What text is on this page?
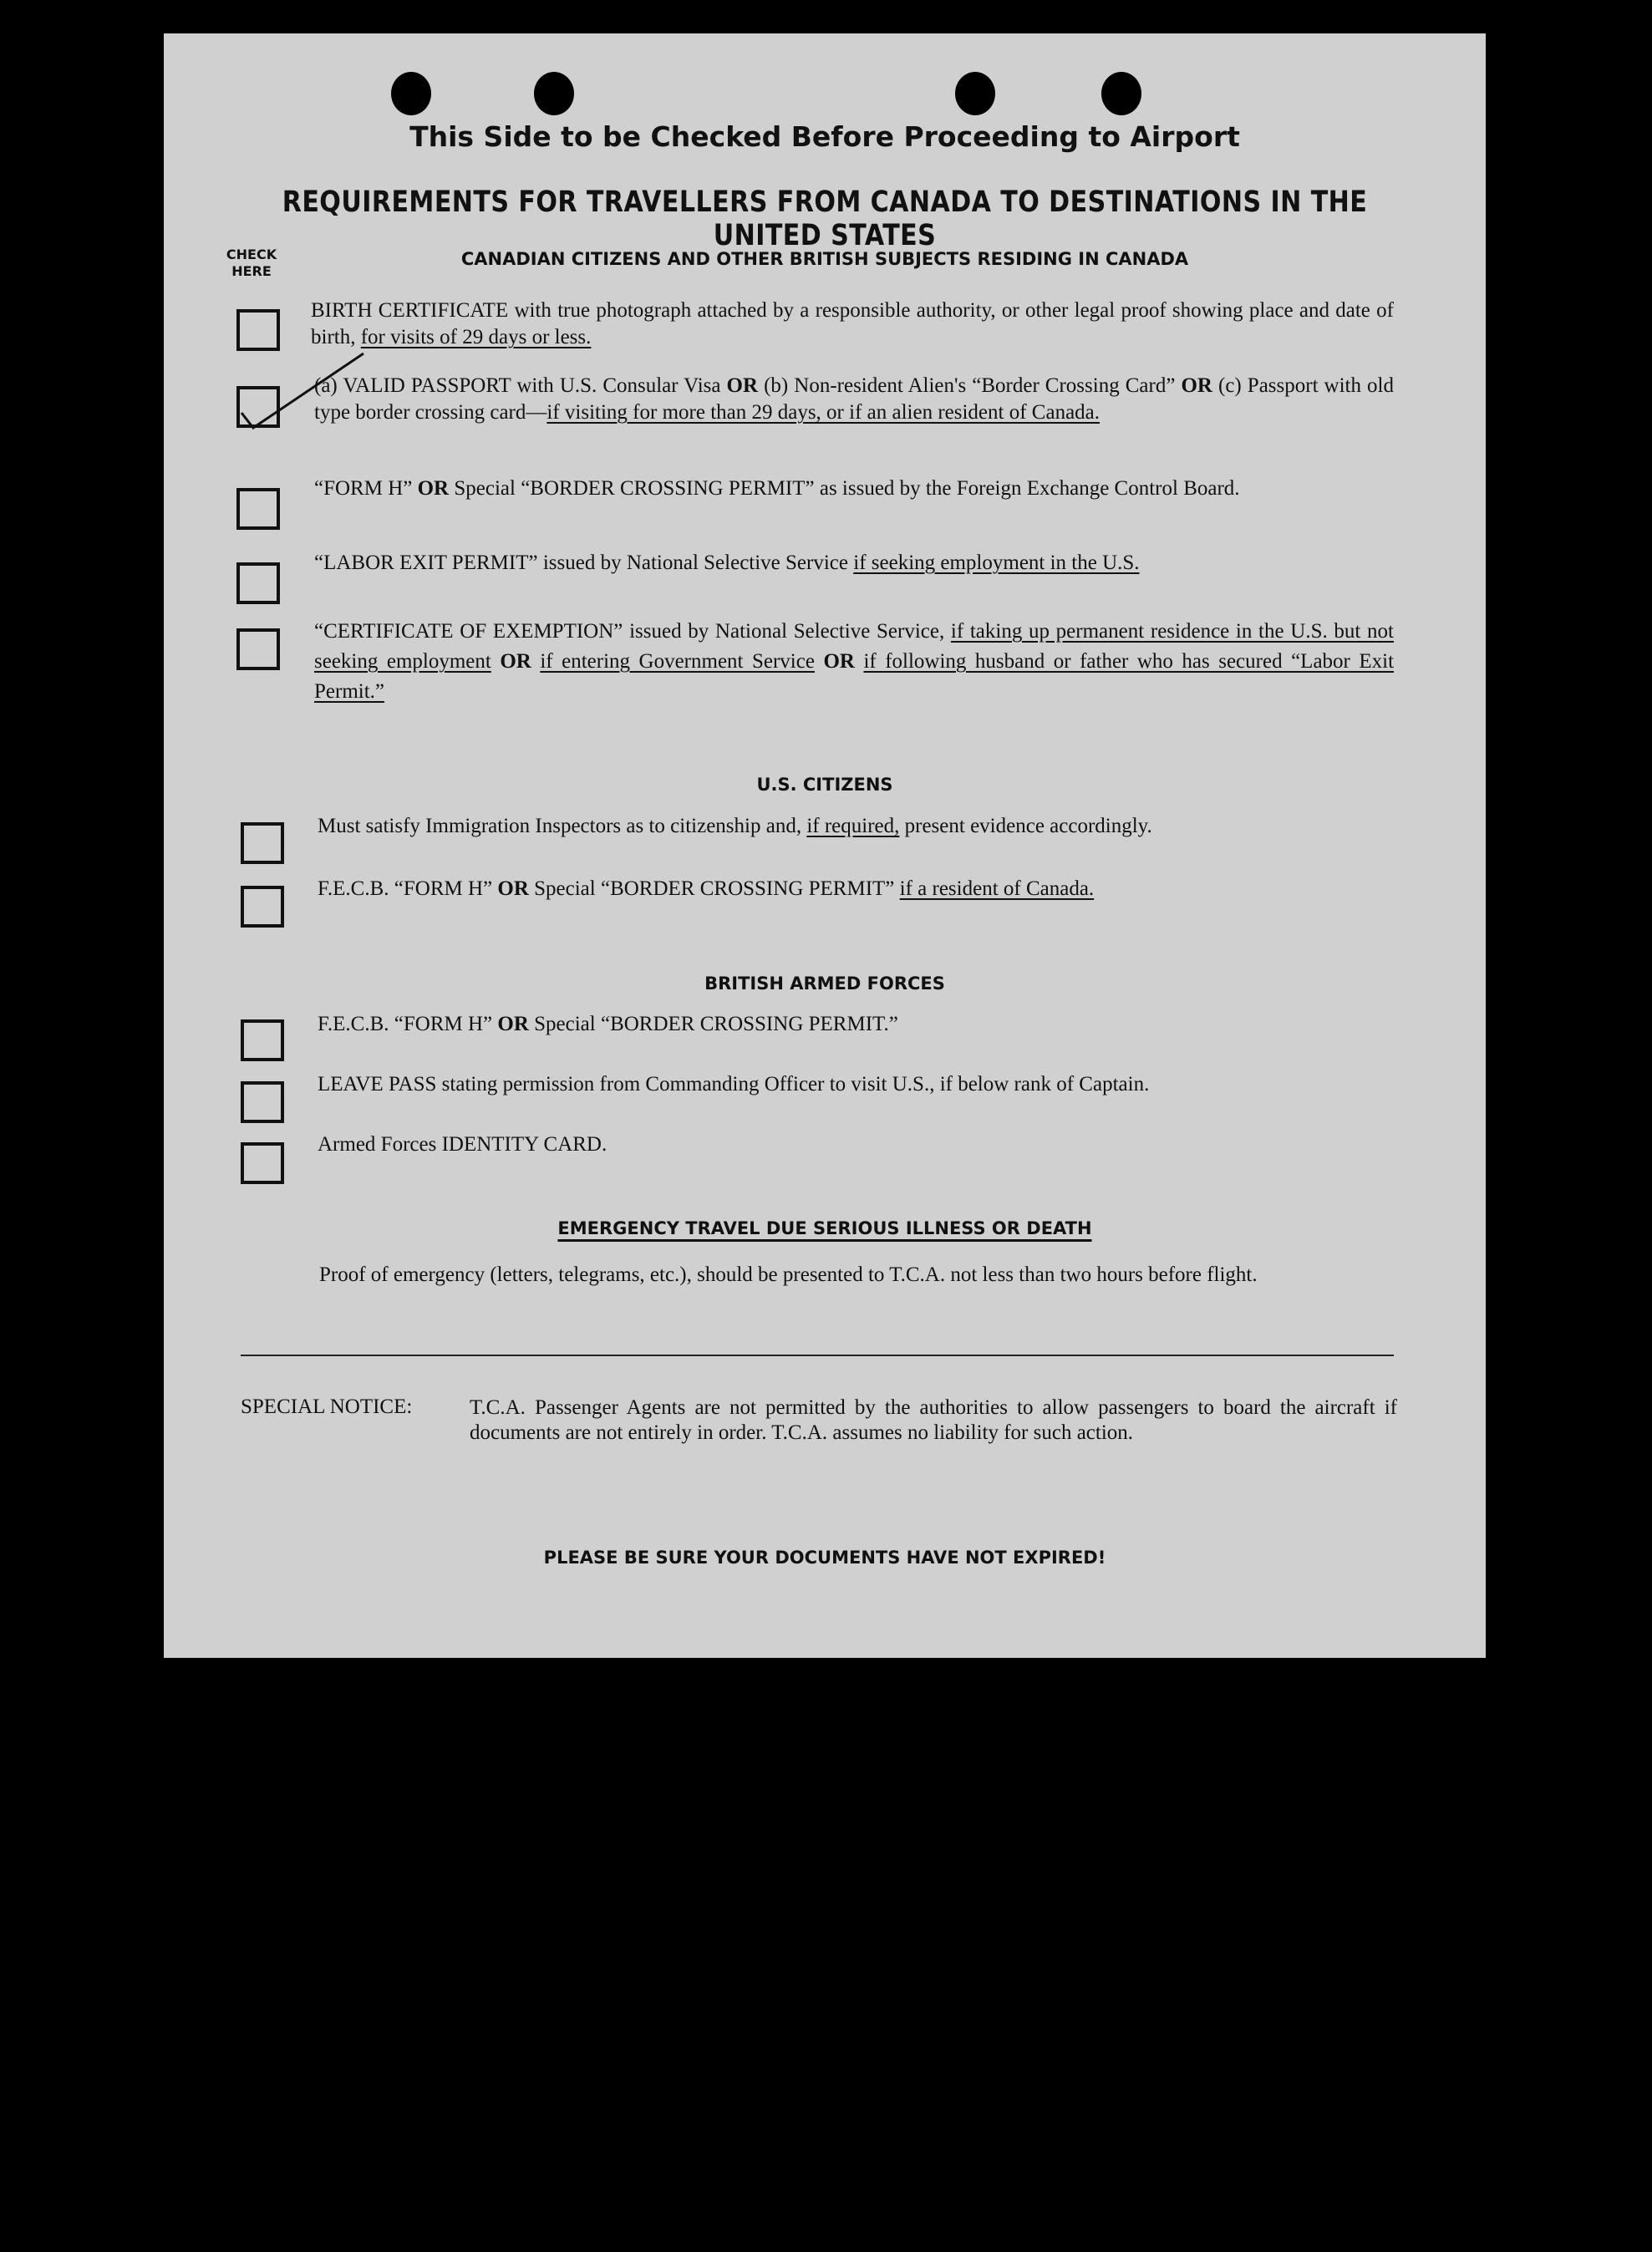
This Side to be Checked Before Proceeding to Airport
REQUIREMENTS FOR TRAVELLERS FROM CANADA TO DESTINATIONS IN THE UNITED STATES
CHECK HERE
CANADIAN CITIZENS AND OTHER BRITISH SUBJECTS RESIDING IN CANADA
BIRTH CERTIFICATE with true photograph attached by a responsible authority, or other legal proof showing place and date of birth, for visits of 29 days or less.
(a) VALID PASSPORT with U.S. Consular Visa OR (b) Non-resident Alien's “Border Crossing Card” OR (c) Passport with old type border crossing card—if visiting for more than 29 days, or if an alien resident of Canada.
“FORM H” OR Special “BORDER CROSSING PERMIT” as issued by the Foreign Exchange Control Board.
“LABOR EXIT PERMIT” issued by National Selective Service if seeking employment in the U.S.
“CERTIFICATE OF EXEMPTION” issued by National Selective Service, if taking up permanent residence in the U.S. but not seeking employment OR if entering Government Service OR if following husband or father who has secured “Labor Exit Permit.”
U.S. CITIZENS
Must satisfy Immigration Inspectors as to citizenship and, if required, present evidence accordingly.
F.E.C.B. “FORM H” OR Special “BORDER CROSSING PERMIT” if a resident of Canada.
BRITISH ARMED FORCES
F.E.C.B. “FORM H” OR Special “BORDER CROSSING PERMIT.”
LEAVE PASS stating permission from Commanding Officer to visit U.S., if below rank of Captain.
Armed Forces IDENTITY CARD.
EMERGENCY TRAVEL DUE SERIOUS ILLNESS OR DEATH
Proof of emergency (letters, telegrams, etc.), should be presented to T.C.A. not less than two hours before flight.
SPECIAL NOTICE:	T.C.A. Passenger Agents are not permitted by the authorities to allow passengers to board the aircraft if documents are not entirely in order. T.C.A. assumes no liability for such action.
PLEASE BE SURE YOUR DOCUMENTS HAVE NOT EXPIRED!
